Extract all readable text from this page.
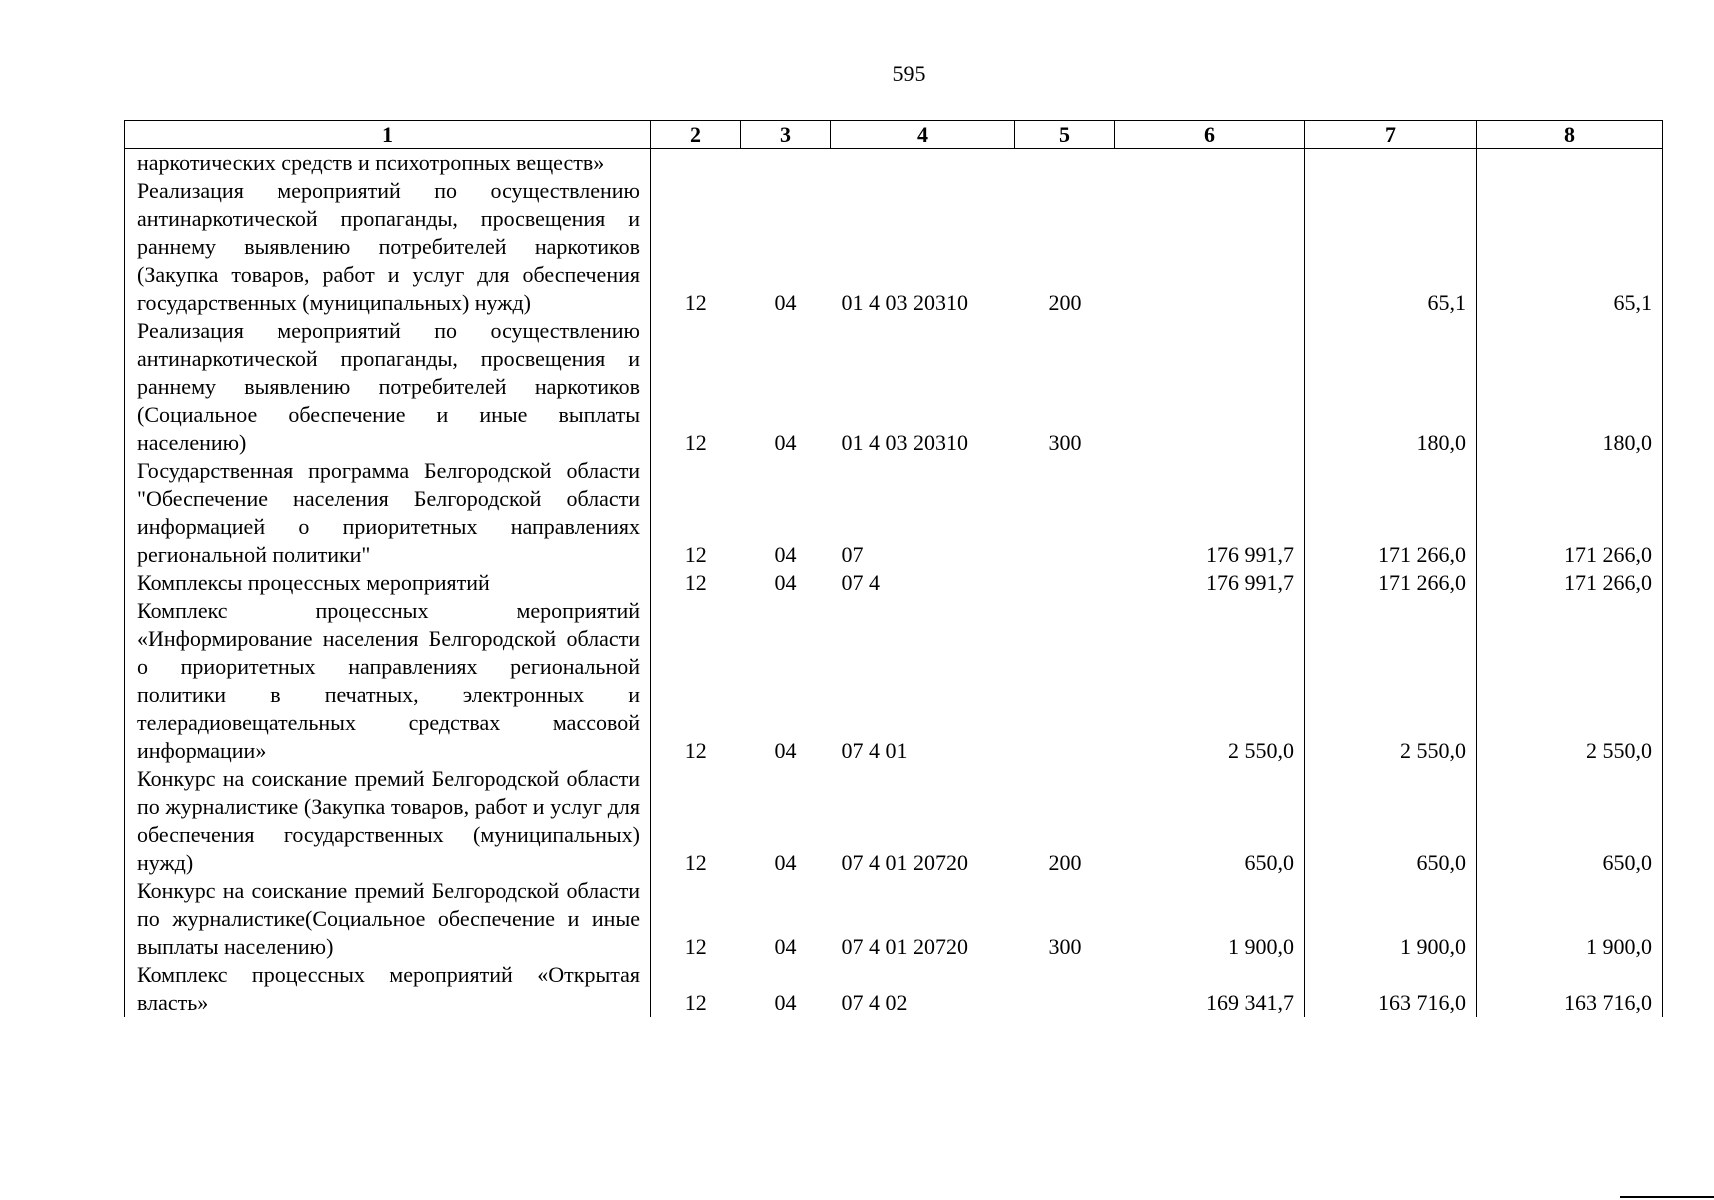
595
1	2	3	4	5	6	7	8
наркотических средств и психотропных веществ»							
Реализация мероприятий по осуществлению антинаркотической пропаганды, просвещения и раннему выявлению потребителей наркотиков (Закупка товаров, работ и услуг для обеспечения государственных (муниципальных) нужд)	12	04	01 4 03 20310	200		65,1	65,1
Реализация мероприятий по осуществлению антинаркотической пропаганды, просвещения и раннему выявлению потребителей наркотиков (Социальное обеспечение и иные выплаты населению)	12	04	01 4 03 20310	300		180,0	180,0
Государственная программа Белгородской области "Обеспечение населения Белгородской области информацией о приоритетных направлениях региональной политики"	12	04	07		176 991,7	171 266,0	171 266,0
Комплексы процессных мероприятий	12	04	07 4		176 991,7	171 266,0	171 266,0
Комплекс процессных мероприятий «Информирование населения Белгородской области о приоритетных направлениях региональной политики в печатных, электронных и телерадиовещательных средствах массовой информации»	12	04	07 4 01		2 550,0	2 550,0	2 550,0
Конкурс на соискание премий Белгородской области по журналистике (Закупка товаров, работ и услуг для обеспечения государственных (муниципальных) нужд)	12	04	07 4 01 20720	200	650,0	650,0	650,0
Конкурс на соискание премий Белгородской области по журналистике(Социальное обеспечение и иные выплаты населению)	12	04	07 4 01 20720	300	1 900,0	1 900,0	1 900,0
Комплекс процессных мероприятий «Открытая власть»	12	04	07 4 02		169 341,7	163 716,0	163 716,0
